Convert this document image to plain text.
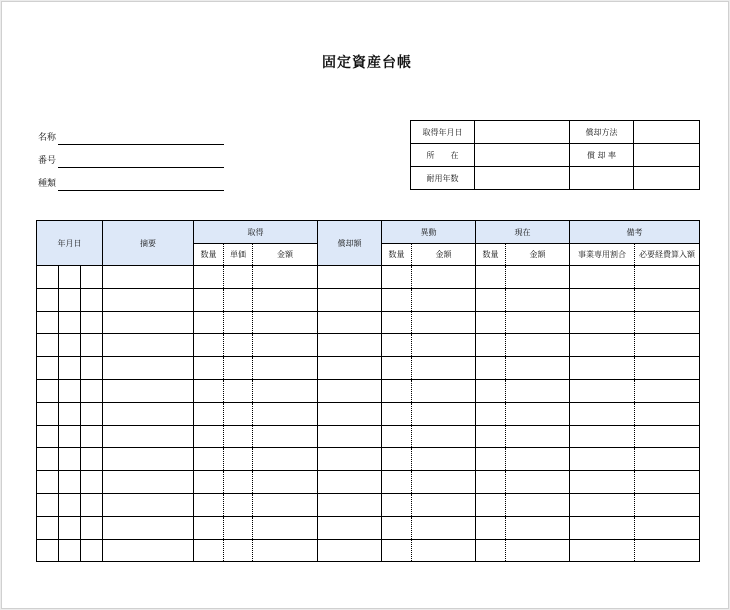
固定資産台帳
名称
番号
種類
取得年月日		償却方法	
所　　在		償 却 率	
耐用年数			
年月日			摘要	取得			償却額	異動		現在		備考	
				数量	単価	金額		数量	金額	数量	金額	事業専用割合	必要経費算入額
